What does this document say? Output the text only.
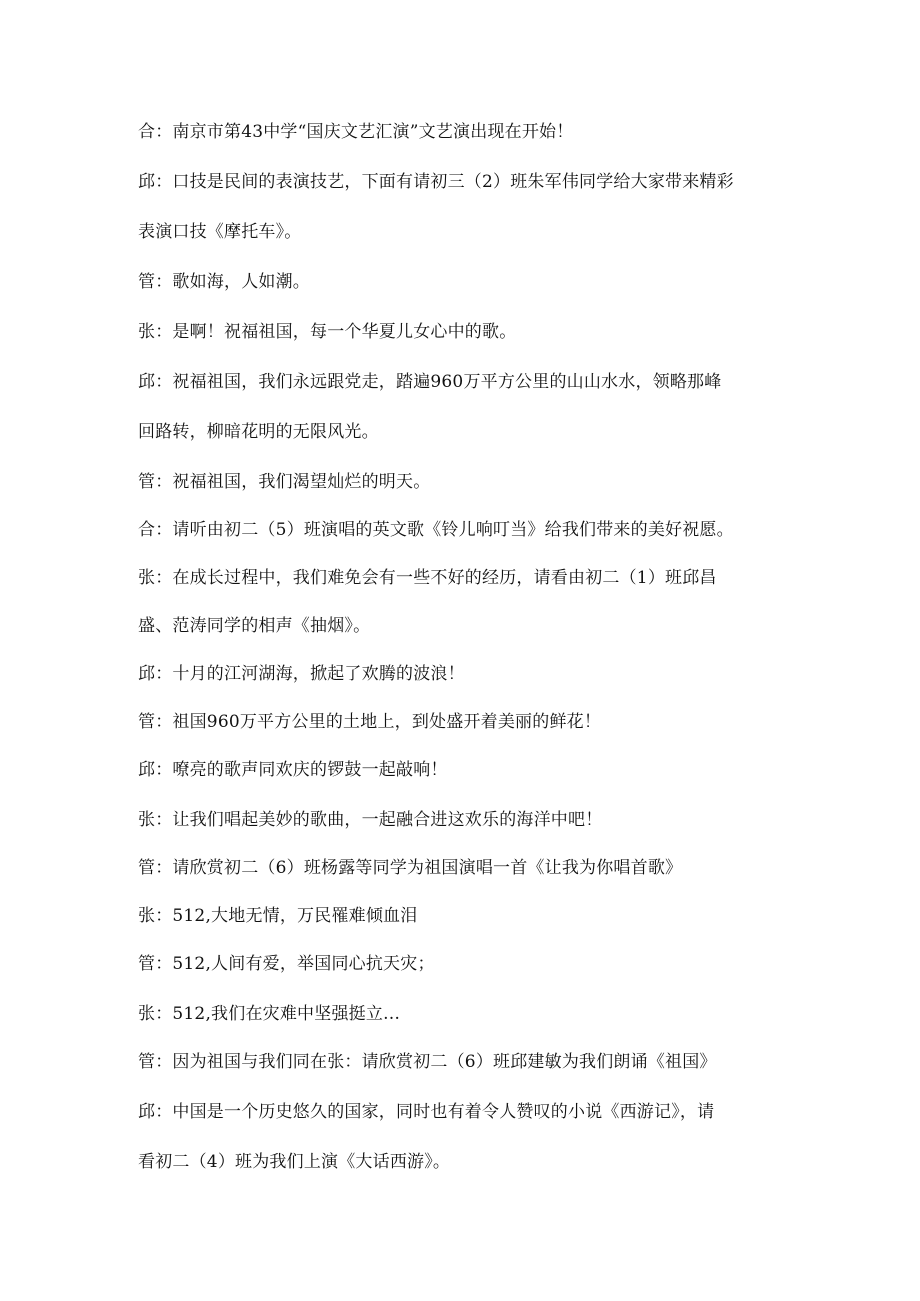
合：南京市第43中学“国庆文艺汇演”文艺演出现在开始！
邱：口技是民间的表演技艺，下面有请初三（2）班朱军伟同学给大家带来精彩
表演口技《摩托车》。
管：歌如海，人如潮。
张：是啊！祝福祖国，每一个华夏儿女心中的歌。
邱：祝福祖国，我们永远跟党走，踏遍960万平方公里的山山水水，领略那峰
回路转，柳暗花明的无限风光。
管：祝福祖国，我们渴望灿烂的明天。
合：请听由初二（5）班演唱的英文歌《铃儿响叮当》给我们带来的美好祝愿。
张：在成长过程中，我们难免会有一些不好的经历，请看由初二（1）班邱昌
盛、范涛同学的相声《抽烟》。
邱：十月的江河湖海，掀起了欢腾的波浪！
管：祖国960万平方公里的土地上，到处盛开着美丽的鲜花！
邱：嘹亮的歌声同欢庆的锣鼓一起敲响！
张：让我们唱起美妙的歌曲，一起融合进这欢乐的海洋中吧！
管：请欣赏初二（6）班杨露等同学为祖国演唱一首《让我为你唱首歌》
张：512,大地无情，万民罹难倾血泪
管：512,人间有爱，举国同心抗天灾；
张：512,我们在灾难中坚强挺立…
管：因为祖国与我们同在张：请欣赏初二（6）班邱建敏为我们朗诵《祖国》
邱：中国是一个历史悠久的国家，同时也有着令人赞叹的小说《西游记》，请
看初二（4）班为我们上演《大话西游》。
